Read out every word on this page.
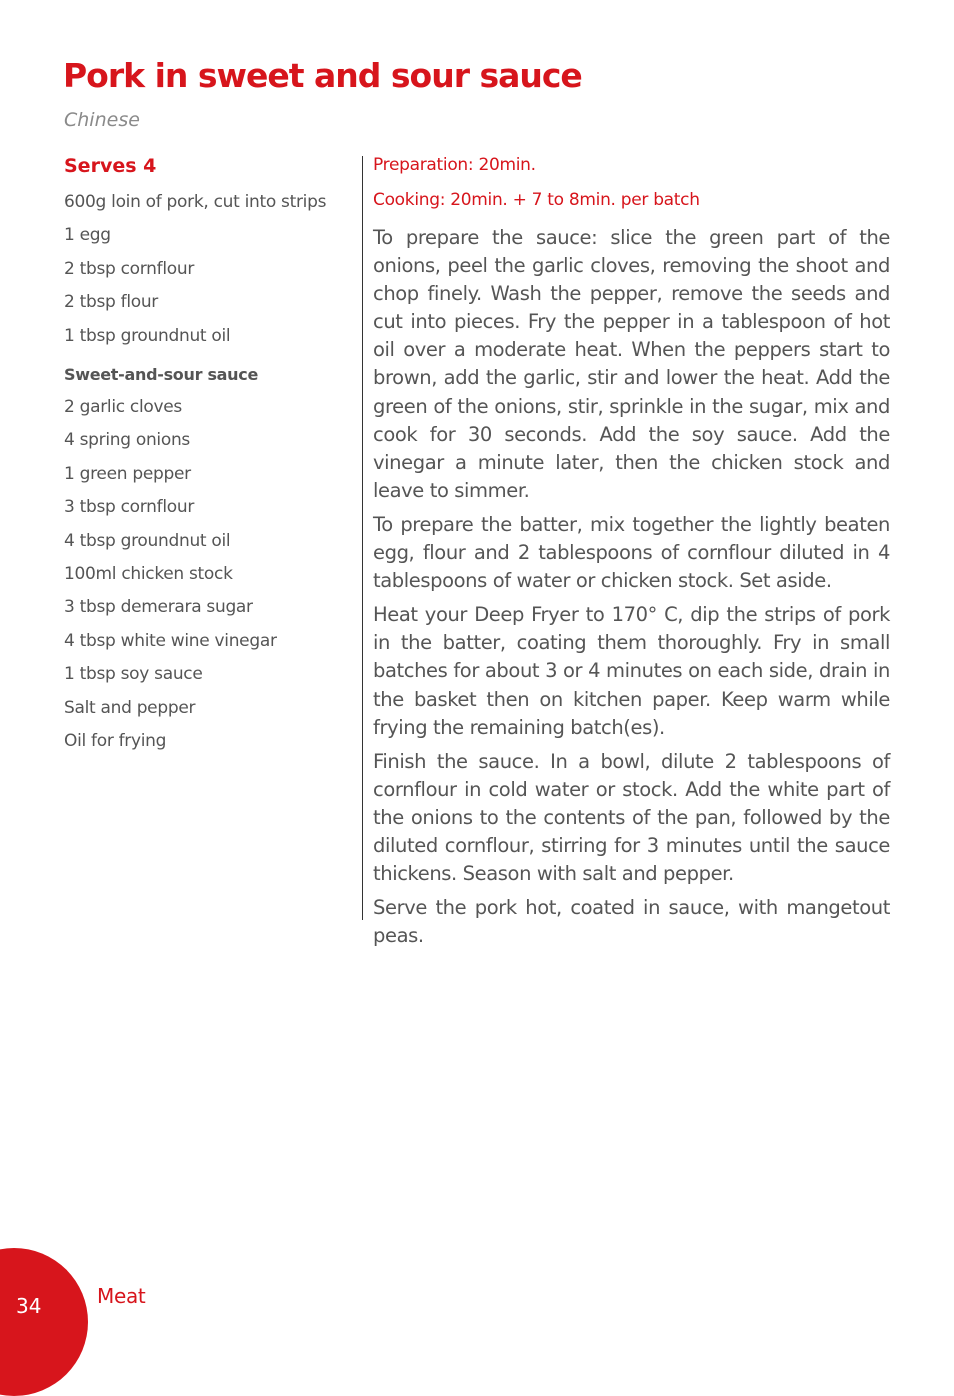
Pork in sweet and sour sauce
Chinese
Serves 4
600g loin of pork, cut into strips
1 egg
2 tbsp cornflour
2 tbsp flour
1 tbsp groundnut oil
Sweet-and-sour sauce
2 garlic cloves
4 spring onions
1 green pepper
3 tbsp cornflour
4 tbsp groundnut oil
100ml chicken stock
3 tbsp demerara sugar
4 tbsp white wine vinegar
1 tbsp soy sauce
Salt and pepper
Oil for frying
Preparation: 20min.
Cooking: 20min. + 7 to 8min. per batch

To prepare the sauce: slice the green part of the onions, peel the garlic cloves, removing the shoot and chop finely. Wash the pepper, remove the seeds and cut into pieces. Fry the pepper in a tablespoon of hot oil over a moderate heat. When the peppers start to brown, add the garlic, stir and lower the heat. Add the green of the onions, stir, sprinkle in the sugar, mix and cook for 30 seconds. Add the soy sauce. Add the vinegar a minute later, then the chicken stock and leave to simmer.

To prepare the batter, mix together the lightly beaten egg, flour and 2 tablespoons of cornflour diluted in 4 tablespoons of water or chicken stock. Set aside.

Heat your Deep Fryer to 170° C, dip the strips of pork in the batter, coating them thoroughly. Fry in small batches for about 3 or 4 minutes on each side, drain in the basket then on kitchen paper. Keep warm while frying the remaining batch(es).

Finish the sauce. In a bowl, dilute 2 tablespoons of cornflour in cold water or stock. Add the white part of the onions to the contents of the pan, followed by the diluted cornflour, stirring for 3 minutes until the sauce thickens. Season with salt and pepper.

Serve the pork hot, coated in sauce, with mangetout peas.

34	Meat
